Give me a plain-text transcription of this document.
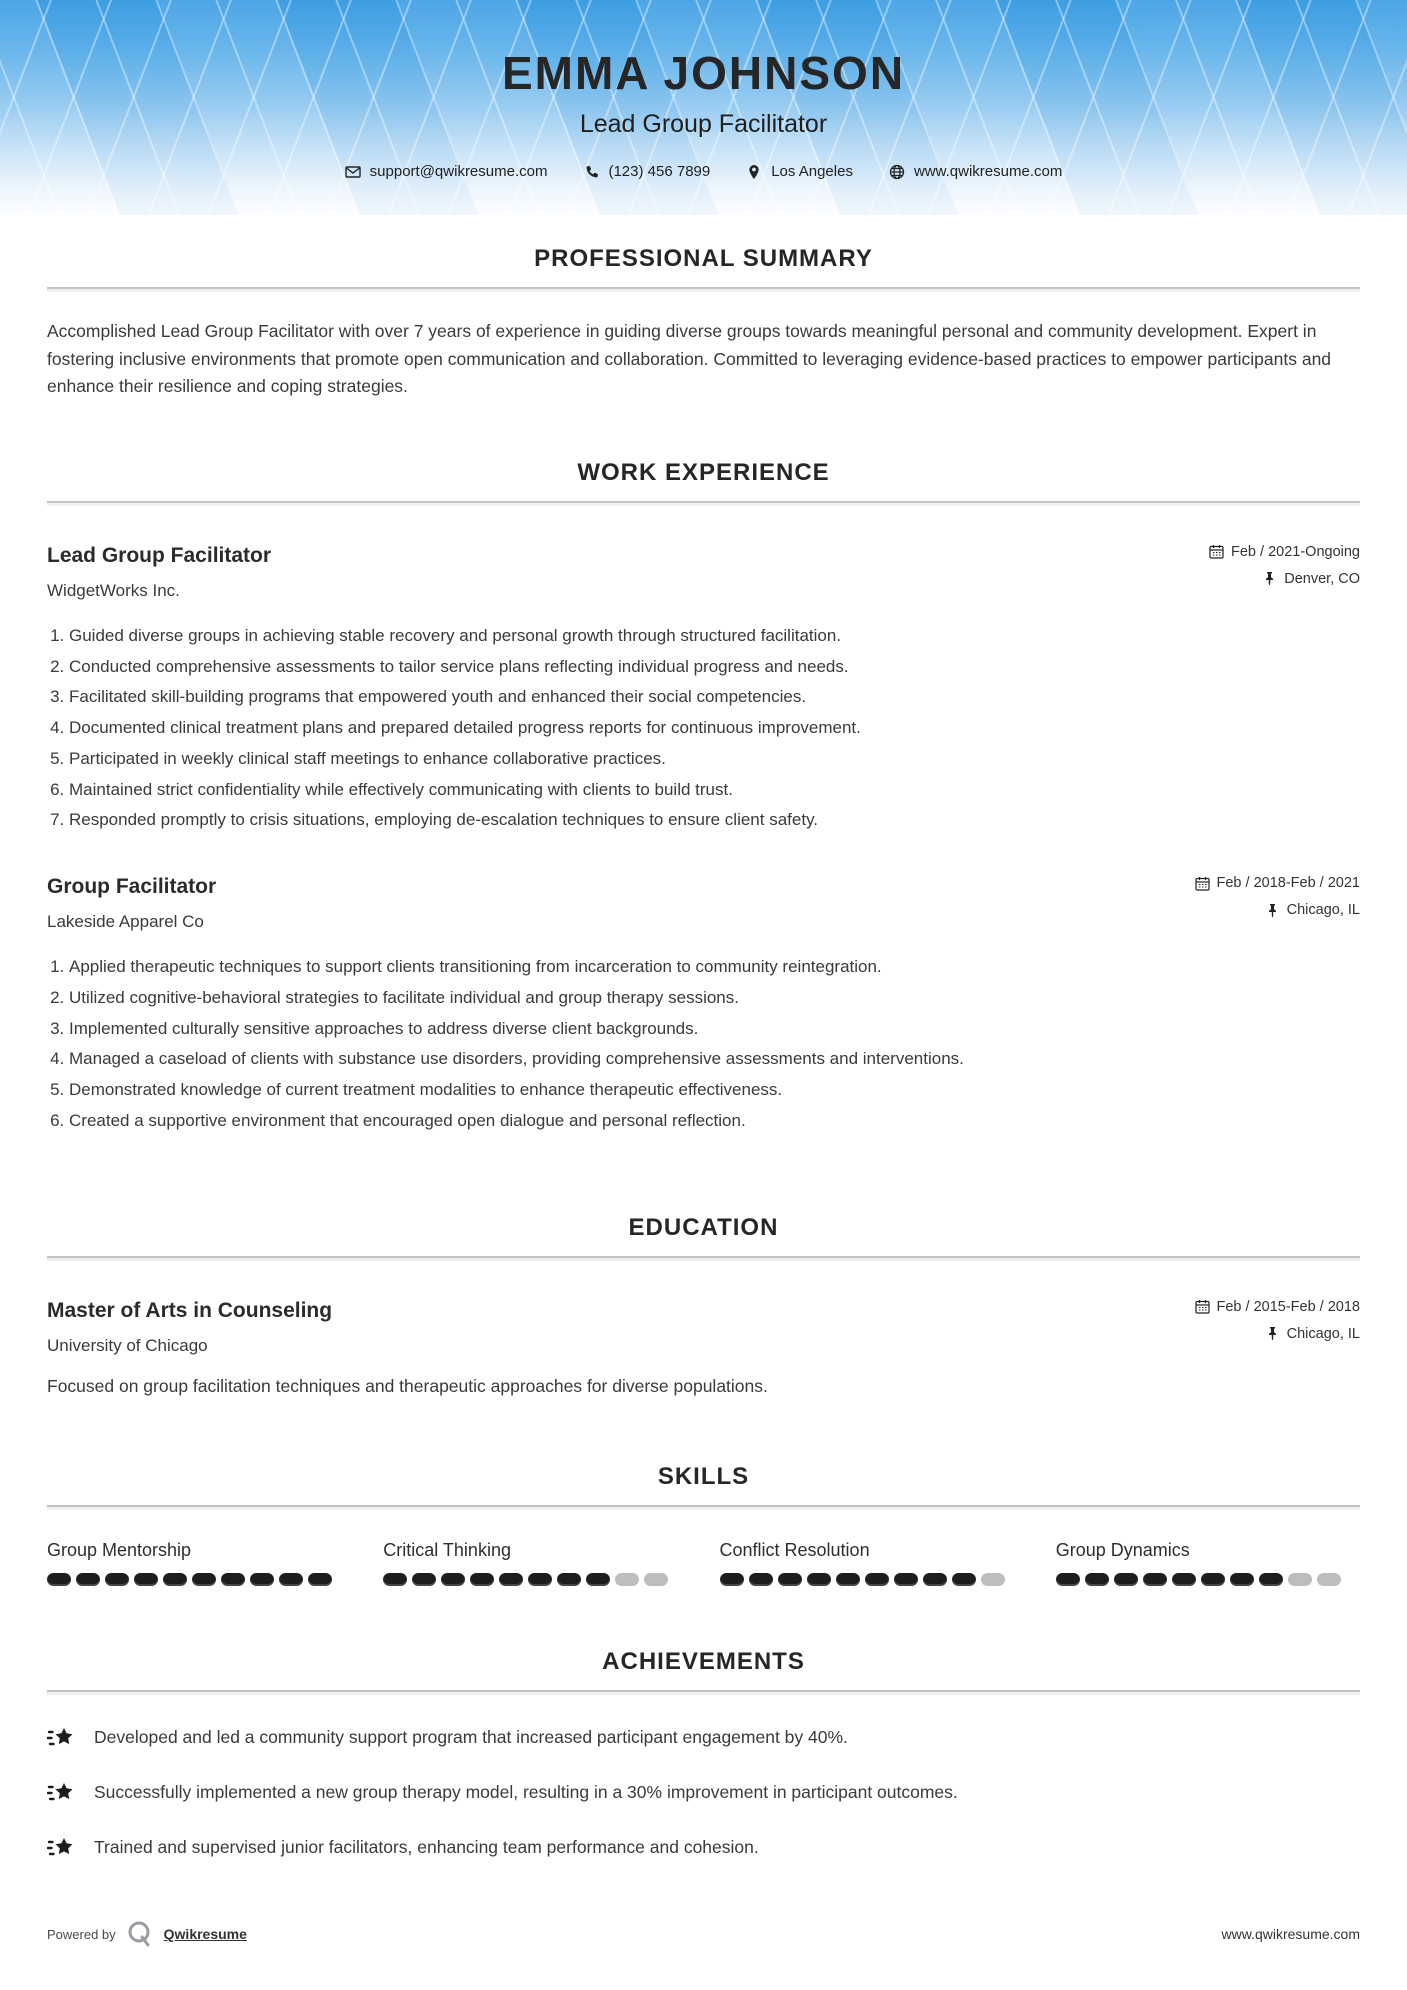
EMMA JOHNSON
Lead Group Facilitator
support@qwikresume.com	(123) 456 7899	Los Angeles	www.qwikresume.com
PROFESSIONAL SUMMARY

Accomplished Lead Group Facilitator with over 7 years of experience in guiding diverse groups towards meaningful personal and community development. Expert in fostering inclusive environments that promote open communication and collaboration. Committed to leveraging evidence-based practices to empower participants and enhance their resilience and coping strategies.

WORK EXPERIENCE
Lead Group Facilitator
WidgetWorks Inc.
Feb / 2021-Ongoing
Denver, CO
1. Guided diverse groups in achieving stable recovery and personal growth through structured facilitation.
2. Conducted comprehensive assessments to tailor service plans reflecting individual progress and needs.
3. Facilitated skill-building programs that empowered youth and enhanced their social competencies.
4. Documented clinical treatment plans and prepared detailed progress reports for continuous improvement.
5. Participated in weekly clinical staff meetings to enhance collaborative practices.
6. Maintained strict confidentiality while effectively communicating with clients to build trust.
7. Responded promptly to crisis situations, employing de-escalation techniques to ensure client safety.
Group Facilitator
Lakeside Apparel Co
Feb / 2018-Feb / 2021
Chicago, IL
1. Applied therapeutic techniques to support clients transitioning from incarceration to community reintegration.
2. Utilized cognitive-behavioral strategies to facilitate individual and group therapy sessions.
3. Implemented culturally sensitive approaches to address diverse client backgrounds.
4. Managed a caseload of clients with substance use disorders, providing comprehensive assessments and interventions.
5. Demonstrated knowledge of current treatment modalities to enhance therapeutic effectiveness.
6. Created a supportive environment that encouraged open dialogue and personal reflection.
EDUCATION
Master of Arts in Counseling
University of Chicago
Feb / 2015-Feb / 2018
Chicago, IL

Focused on group facilitation techniques and therapeutic approaches for diverse populations.

SKILLS
Group Mentorship	Critical Thinking	Conflict Resolution	Group Dynamics
ACHIEVEMENTS
Developed and led a community support program that increased participant engagement by 40%.
Successfully implemented a new group therapy model, resulting in a 30% improvement in participant outcomes.
Trained and supervised junior facilitators, enhancing team performance and cohesion.
Powered by	Qwikresume	www.qwikresume.com
